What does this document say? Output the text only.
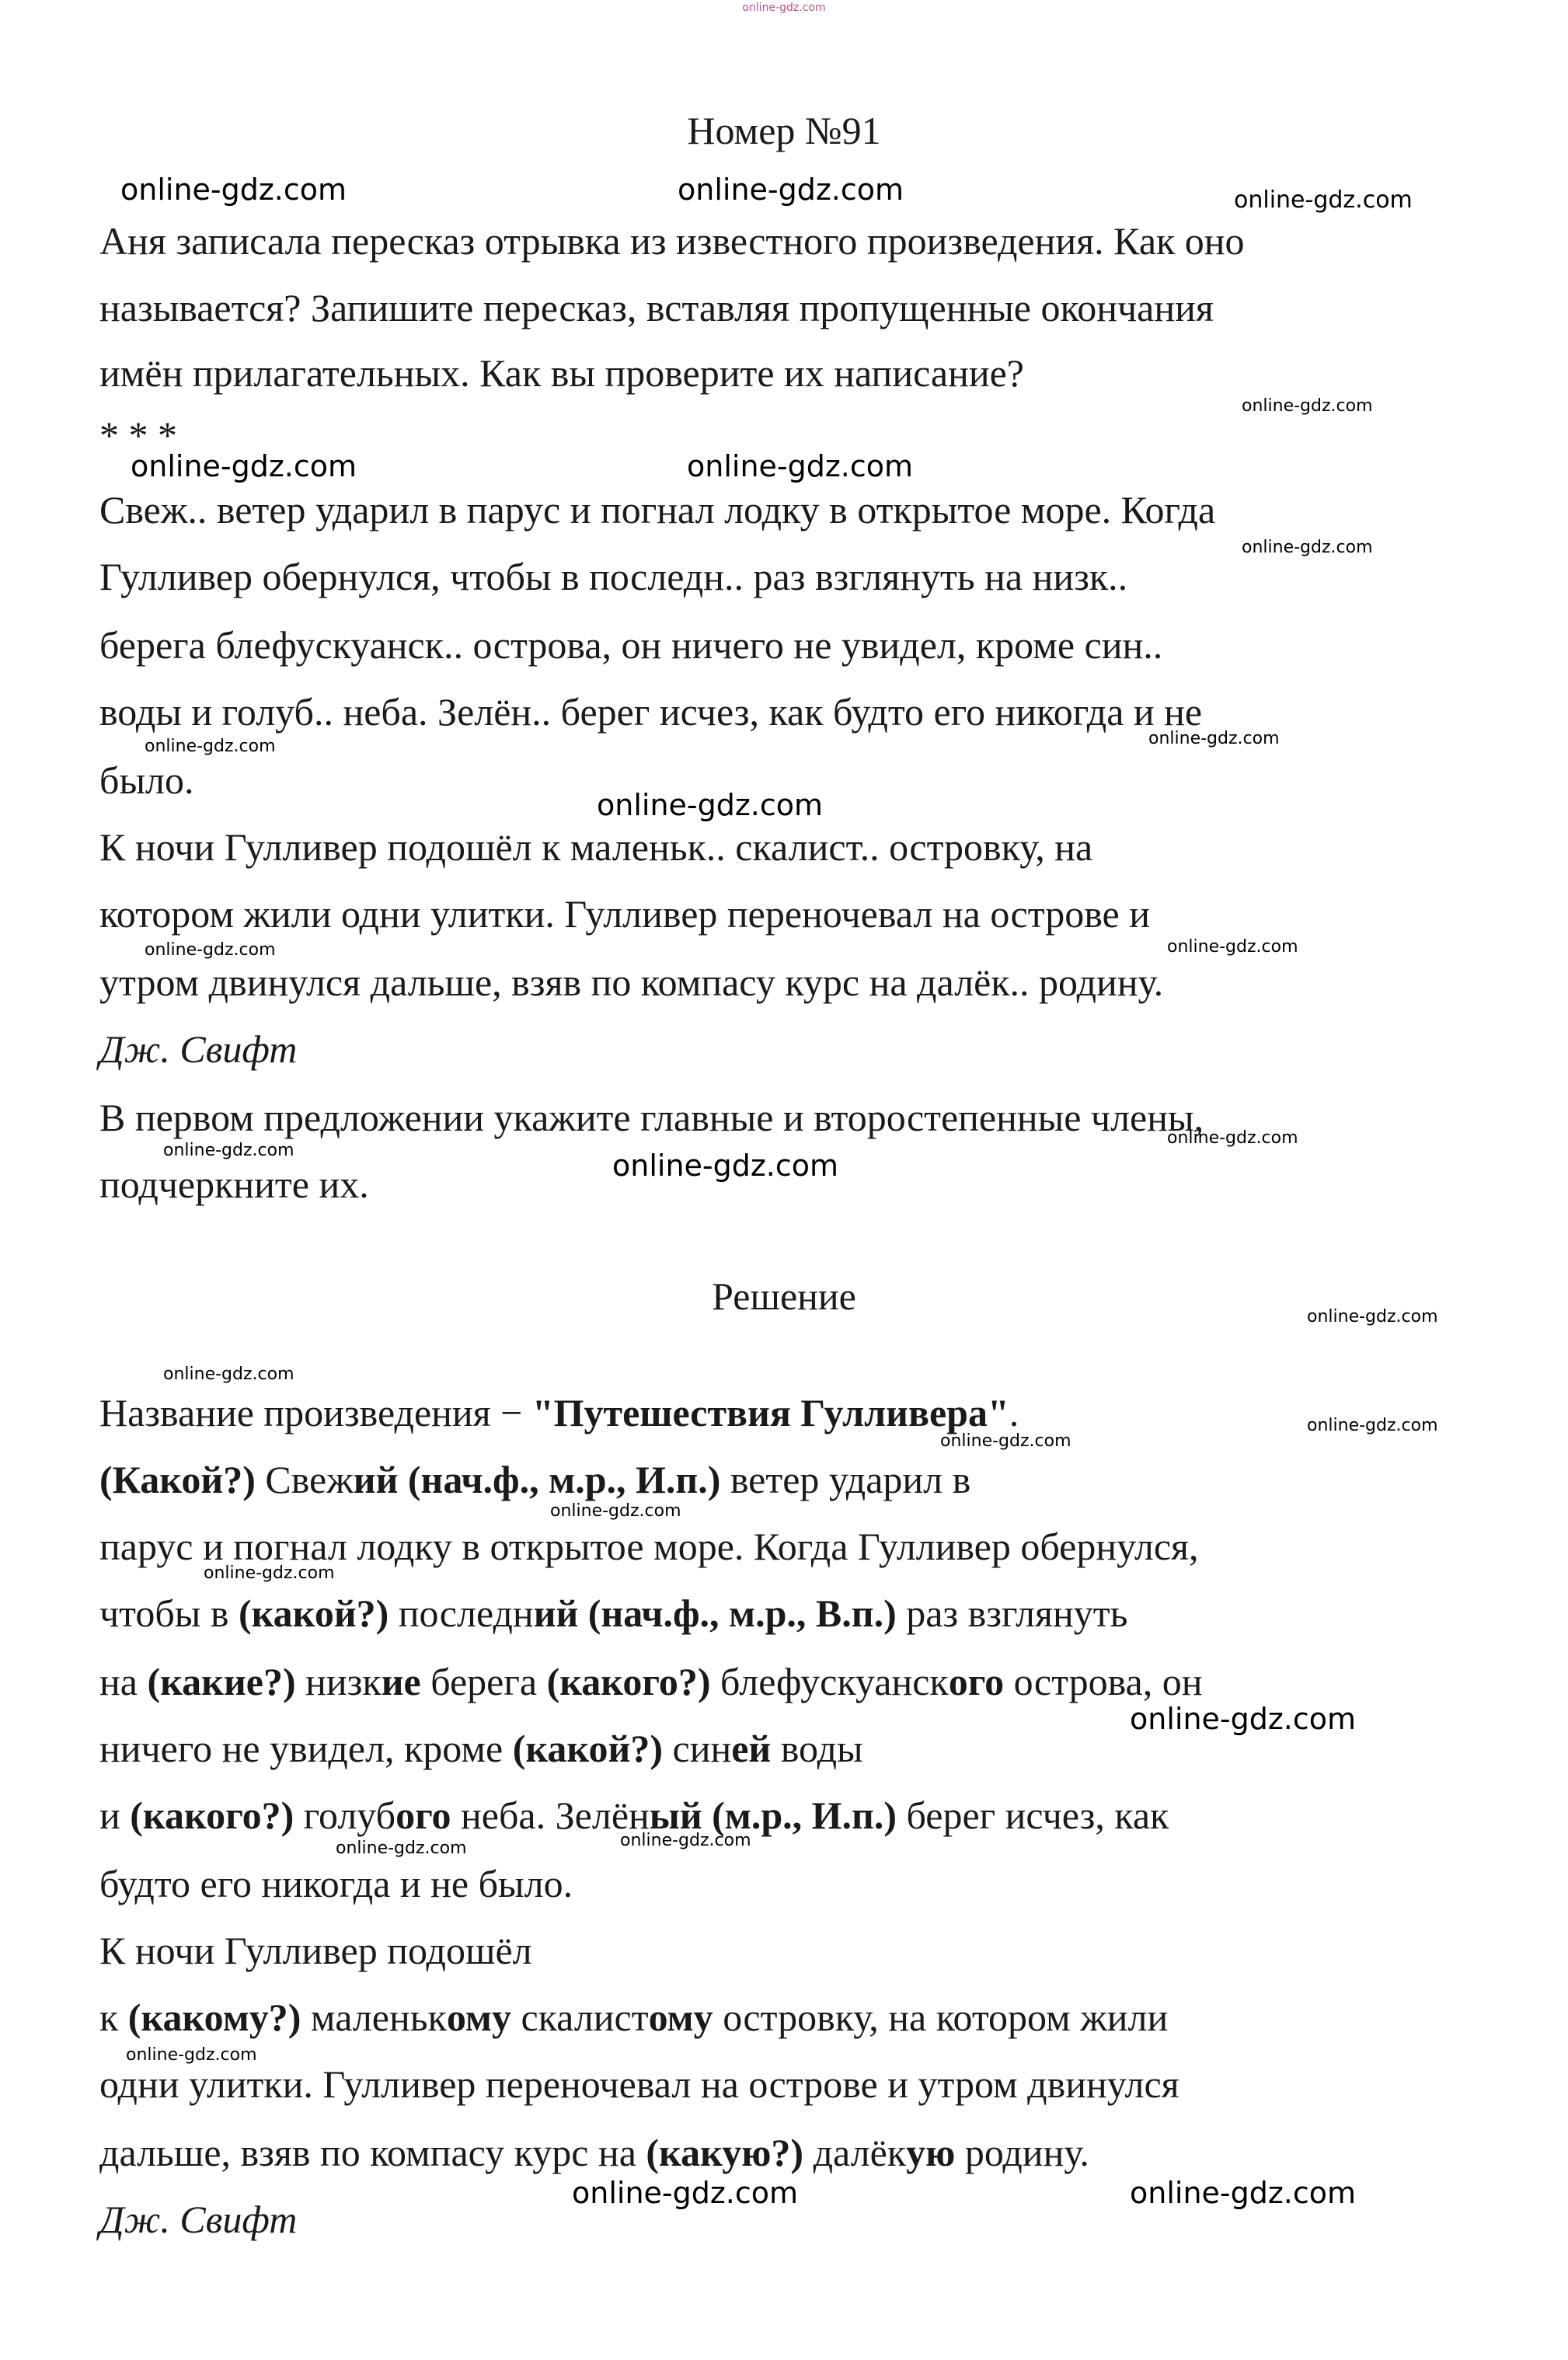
online-gdz.com
Номер №91
Аня записала пересказ отрывка из известного произведения. Как оно
называется? Запишите пересказ, вставляя пропущенные окончания
имён прилагательных. Как вы проверите их написание?
* * *
Свеж.. ветер ударил в парус и погнал лодку в открытое море. Когда
Гулливер обернулся, чтобы в последн.. раз взглянуть на низк..
берега блефускуанск.. острова, он ничего не увидел, кроме син..
воды и голуб.. неба. Зелён.. берег исчез, как будто его никогда и не
было.
К ночи Гулливер подошёл к маленьк.. скалист.. островку, на
котором жили одни улитки. Гулливер переночевал на острове и
утром двинулся дальше, взяв по компасу курс на далёк.. родину.
Дж. Свифт
В первом предложении укажите главные и второстепенные члены,
подчеркните их.
Решение
Название произведения − "Путешествия Гулливера".
(Какой?) Свежий (нач.ф., м.р., И.п.) ветер ударил в
парус и погнал лодку в открытое море. Когда Гулливер обернулся,
чтобы в (какой?) последний (нач.ф., м.р., В.п.) раз взглянуть
на (какие?) низкие берега (какого?) блефускуанского острова, он
ничего не увидел, кроме (какой?) синей воды
и (какого?) голубого неба. Зелёный (м.р., И.п.) берег исчез, как
будто его никогда и не было.
К ночи Гулливер подошёл
к (какому?) маленькому скалистому островку, на котором жили
одни улитки. Гулливер переночевал на острове и утром двинулся
дальше, взяв по компасу курс на (какую?) далёкую родину.
Дж. Свифт
online-gdz.com	online-gdz.com	online-gdz.com
online-gdz.com
online-gdz.com	online-gdz.com
online-gdz.com
online-gdz.com	online-gdz.com
online-gdz.com
online-gdz.com	online-gdz.com
online-gdz.com
online-gdz.com
online-gdz.com
online-gdz.com
online-gdz.com
online-gdz.com
online-gdz.com
online-gdz.com
online-gdz.com
online-gdz.com
online-gdz.com	online-gdz.com
online-gdz.com
online-gdz.com	online-gdz.com
